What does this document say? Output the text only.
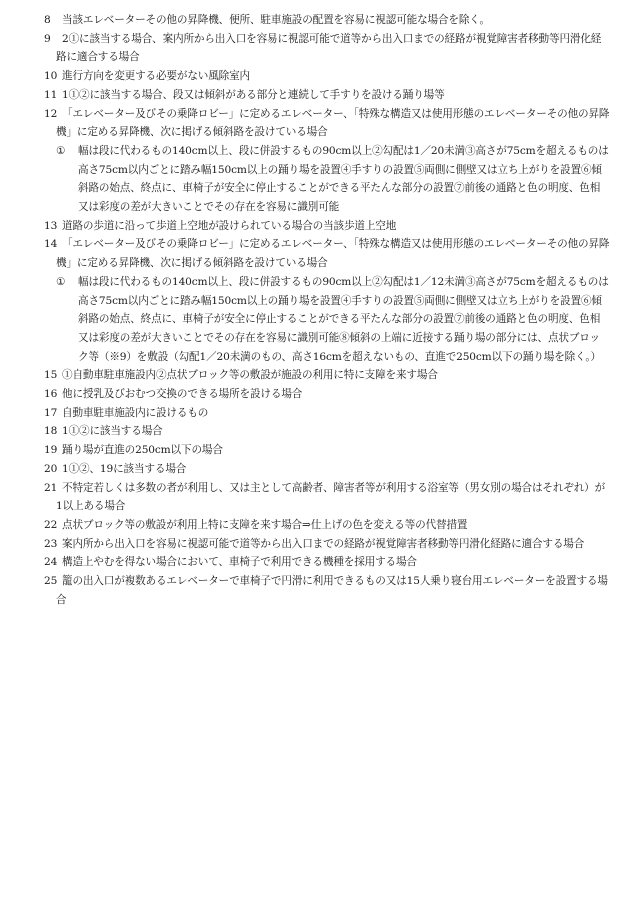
8 当該エレベーターその他の昇降機、便所、駐車施設の配置を容易に視認可能な場合を除く。

9 2①に該当する場合、案内所から出入口を容易に視認可能で道等から出入口までの経路が視覚障害者移動等円滑化経路に適合する場合

10 進行方向を変更する必要がない風除室内

11 1①②に該当する場合、段又は傾斜がある部分と連続して手すりを設ける踊り場等

12 「エレベーター及びその乗降ロビー」に定めるエレベーター、「特殊な構造又は使用形態のエレベーターその他の昇降機」に定める昇降機、次に掲げる傾斜路を設けている場合

① 幅は段に代わるもの140cm以上、段に併設するもの90cm以上②勾配は1／20未満③高さが75cmを超えるものは高さ75cm以内ごとに踏み幅150cm以上の踊り場を設置④手すりの設置⑤両側に側壁又は立ち上がりを設置⑥傾斜路の始点、終点に、車椅子が安全に停止することができる平たんな部分の設置⑦前後の通路と色の明度、色相又は彩度の差が大きいことでその存在を容易に識別可能

13 道路の歩道に沿って歩道上空地が設けられている場合の当該歩道上空地

14 「エレベーター及びその乗降ロビー」に定めるエレベーター、「特殊な構造又は使用形態のエレベーターその他の昇降機」に定める昇降機、次に掲げる傾斜路を設けている場合

① 幅は段に代わるもの140cm以上、段に併設するもの90cm以上②勾配は1／12未満③高さが75cmを超えるものは高さ75cm以内ごとに踏み幅150cm以上の踊り場を設置④手すりの設置⑤両側に側壁又は立ち上がりを設置⑥傾斜路の始点、終点に、車椅子が安全に停止することができる平たんな部分の設置⑦前後の通路と色の明度、色相又は彩度の差が大きいことでその存在を容易に識別可能⑧傾斜の上端に近接する踊り場の部分には、点状ブロック等（※9）を敷設（勾配1／20未満のもの、高さ16cmを超えないもの、直進で250cm以下の踊り場を除く。）

15 ①自動車駐車施設内②点状ブロック等の敷設が施設の利用に特に支障を来す場合

16 他に授乳及びおむつ交換のできる場所を設ける場合

17 自動車駐車施設内に設けるもの

18 1①②に該当する場合

19 踊り場が直進の250cm以下の場合

20 1①②、19に該当する場合

21 不特定若しくは多数の者が利用し、又は主として高齢者、障害者等が利用する浴室等（男女別の場合はそれぞれ）が1以上ある場合

22 点状ブロック等の敷設が利用上特に支障を来す場合⇒仕上げの色を変える等の代替措置

23 案内所から出入口を容易に視認可能で道等から出入口までの経路が視覚障害者移動等円滑化経路に適合する場合

24 構造上やむを得ない場合において、車椅子で利用できる機種を採用する場合

25 籠の出入口が複数あるエレベーターで車椅子で円滑に利用できるもの又は15人乗り寝台用エレベーターを設置する場合
